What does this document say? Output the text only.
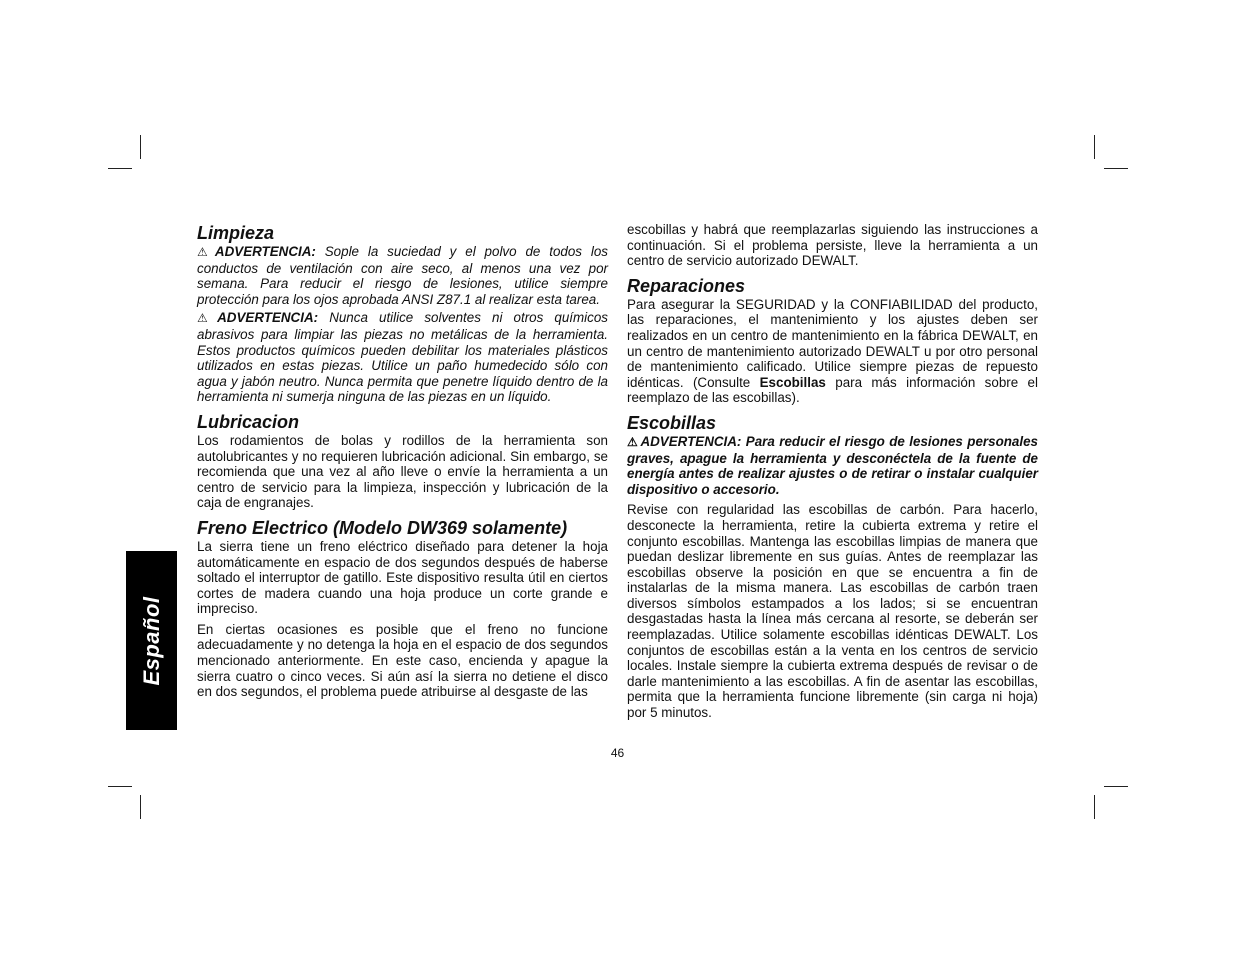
Español
Limpieza

⚠ ADVERTENCIA: Sople la suciedad y el polvo de todos los conductos de ventilación con aire seco, al menos una vez por semana. Para reducir el riesgo de lesiones, utilice siempre protección para los ojos aprobada ANSI Z87.1 al realizar esta tarea.

⚠ ADVERTENCIA: Nunca utilice solventes ni otros químicos abrasivos para limpiar las piezas no metálicas de la herramienta. Estos productos químicos pueden debilitar los materiales plásticos utilizados en estas piezas. Utilice un paño humedecido sólo con agua y jabón neutro. Nunca permita que penetre líquido dentro de la herramienta ni sumerja ninguna de las piezas en un líquido.

Lubricacion

Los rodamientos de bolas y rodillos de la herramienta son autolubricantes y no requieren lubricación adicional. Sin embargo, se recomienda que una vez al año lleve o envíe la herramienta a un centro de servicio para la limpieza, inspección y lubricación de la caja de engranajes.

Freno Electrico (Modelo DW369 solamente)

La sierra tiene un freno eléctrico diseñado para detener la hoja automáticamente en espacio de dos segundos después de haberse soltado el interruptor de gatillo. Este dispositivo resulta útil en ciertos cortes de madera cuando una hoja produce un corte grande e impreciso.

En ciertas ocasiones es posible que el freno no funcione adecuadamente y no detenga la hoja en el espacio de dos segundos mencionado anteriormente. En este caso, encienda y apague la sierra cuatro o cinco veces. Si aún así la sierra no detiene el disco en dos segundos, el problema puede atribuirse al desgaste de las

escobillas y habrá que reemplazarlas siguiendo las instrucciones a continuación. Si el problema persiste, lleve la herramienta a un centro de servicio autorizado DEWALT.

Reparaciones

Para asegurar la SEGURIDAD y la CONFIABILIDAD del producto, las reparaciones, el mantenimiento y los ajustes deben ser realizados en un centro de mantenimiento en la fábrica DEWALT, en un centro de mantenimiento autorizado DEWALT u por otro personal de mantenimiento calificado. Utilice siempre piezas de repuesto idénticas. (Consulte Escobillas para más información sobre el reemplazo de las escobillas).

Escobillas

⚠ ADVERTENCIA: Para reducir el riesgo de lesiones personales graves, apague la herramienta y desconéctela de la fuente de energía antes de realizar ajustes o de retirar o instalar cualquier dispositivo o accesorio.

Revise con regularidad las escobillas de carbón. Para hacerlo, desconecte la herramienta, retire la cubierta extrema y retire el conjunto escobillas. Mantenga las escobillas limpias de manera que puedan deslizar libremente en sus guías. Antes de reemplazar las escobillas observe la posición en que se encuentra a fin de instalarlas de la misma manera. Las escobillas de carbón traen diversos símbolos estampados a los lados; si se encuentran desgastadas hasta la línea más cercana al resorte, se deberán ser reemplazadas. Utilice solamente escobillas idénticas DEWALT. Los conjuntos de escobillas están a la venta en los centros de servicio locales. Instale siempre la cubierta extrema después de revisar o de darle mantenimiento a las escobillas. A fin de asentar las escobillas, permita que la herramienta funcione libremente (sin carga ni hoja) por 5 minutos.

46
